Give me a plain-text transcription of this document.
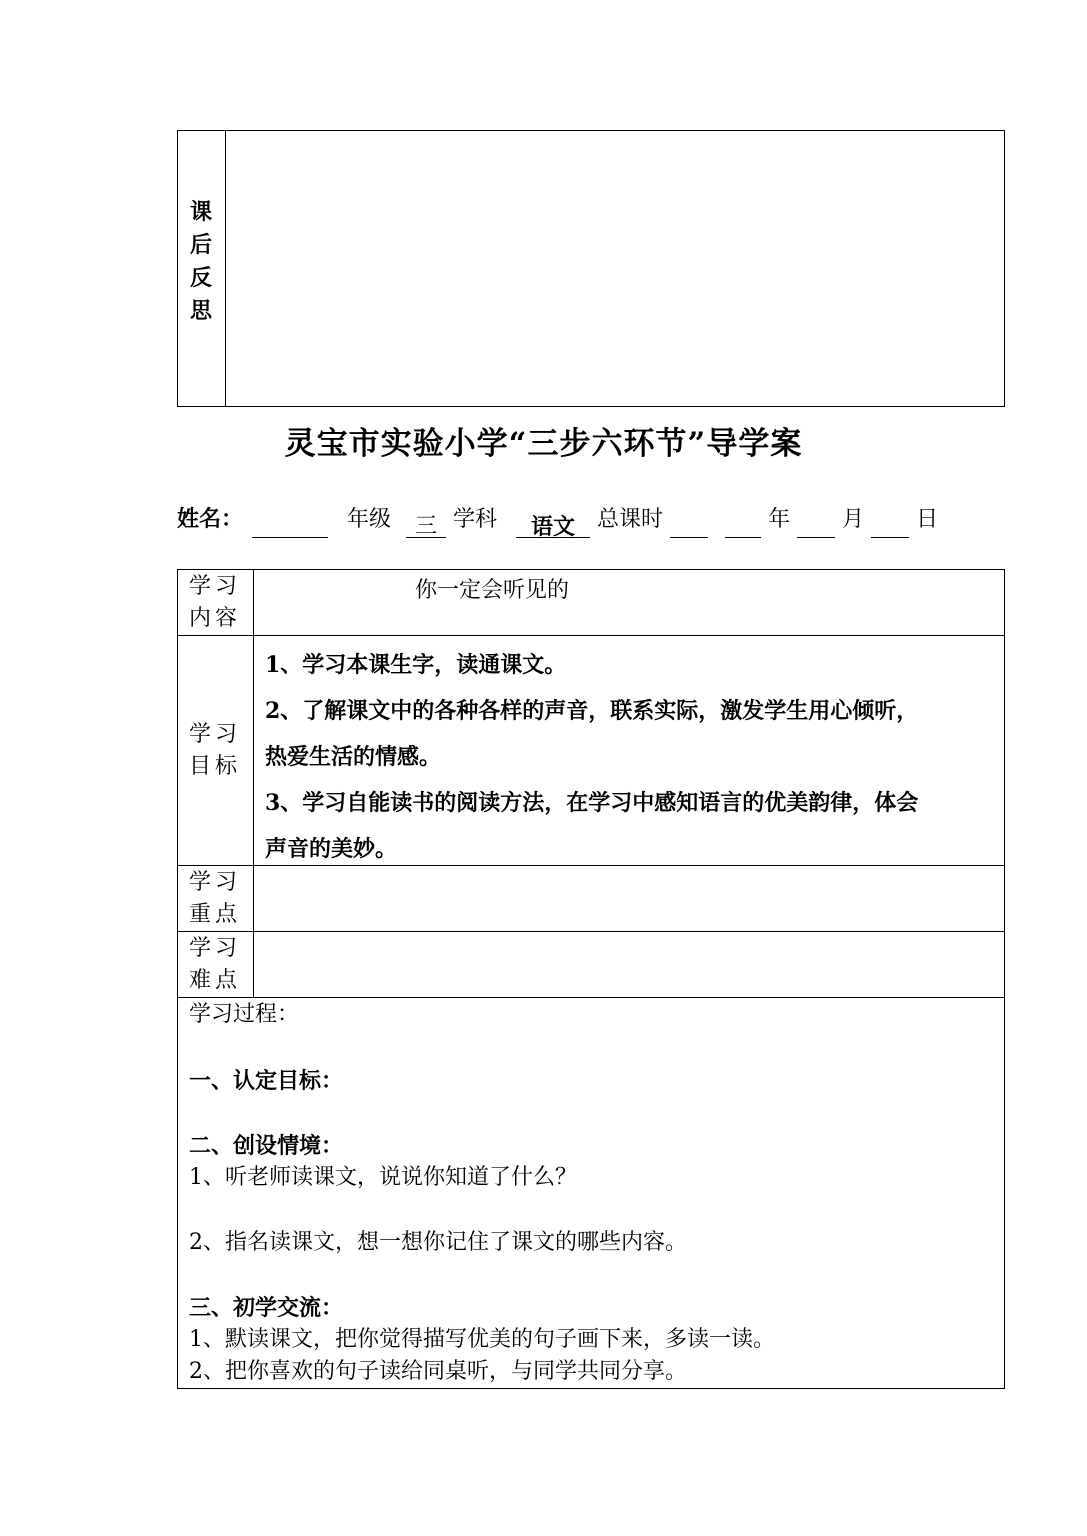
课
后
反
思
灵宝市实验小学“三步六环节”导学案
姓名：	年级 三 学科 语文 总课时	年 月 日
学习
内容
你一定会听见的
学习
目标
1、学习本课生字，读通课文。
2、了解课文中的各种各样的声音，联系实际，激发学生用心倾听，
热爱生活的情感。
3、学习自能读书的阅读方法，在学习中感知语言的优美韵律，体会
声音的美妙。
学习
重点
学习
难点
学习过程：
一、认定目标：
二、创设情境：
1、听老师读课文，说说你知道了什么？
2、指名读课文，想一想你记住了课文的哪些内容。
三、初学交流：
1、默读课文，把你觉得描写优美的句子画下来，多读一读。
2、把你喜欢的句子读给同桌听，与同学共同分享。
